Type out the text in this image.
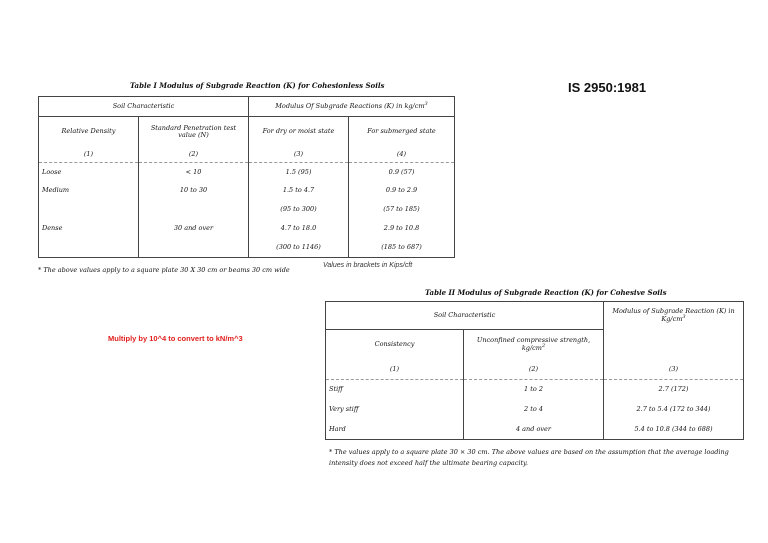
Table I Modulus of Subgrade Reaction (K) for Cohesionless Soils	IS 2950:1981
Soil Characteristic		Modulus Of Subgrade Reactions (K) in $kg/cm^3$
Relative Density	Standard Penetration test value (N)	For dry or moist state	For submerged state
(1)	(2)	(3)	(4)
Loose	< 10	1.5 (95)	0.9 (57)
Medium	10 to 30	1.5 to 4.7	0.9 to 2.9
		(95 to 300)	(57 to 185)
Dense	30 and over	4.7 to 18.0	2.9 to 10.8
		(300 to 1146)	(185 to 687)
* The above values apply to a square plate 30 X 30 cm or beams 30 cm wide
Values in brackets in Kips/cft
Table II Modulus of Subgrade Reaction (K) for Cohesive Soils
Multiply by 10^4 to convert to kN/m^3
Soil Characteristic		Modulus of Subgrade Reaction (K) in $Kg/cm^3$
Consistency	Unconfined compressive strength, $kg/cm^2$
(1)	(2)	(3)
Stiff	1 to 2	2.7 (172)
Very stiff	2 to 4	2.7 to 5.4 (172 to 344)
Hard	4 and over	5.4 to 10.8 (344 to 688)
* The values apply to a square plate 30 × 30 cm. The above values are based on the assumption that the average loading
intensity does not exceed half the ultimate bearing capacity.
